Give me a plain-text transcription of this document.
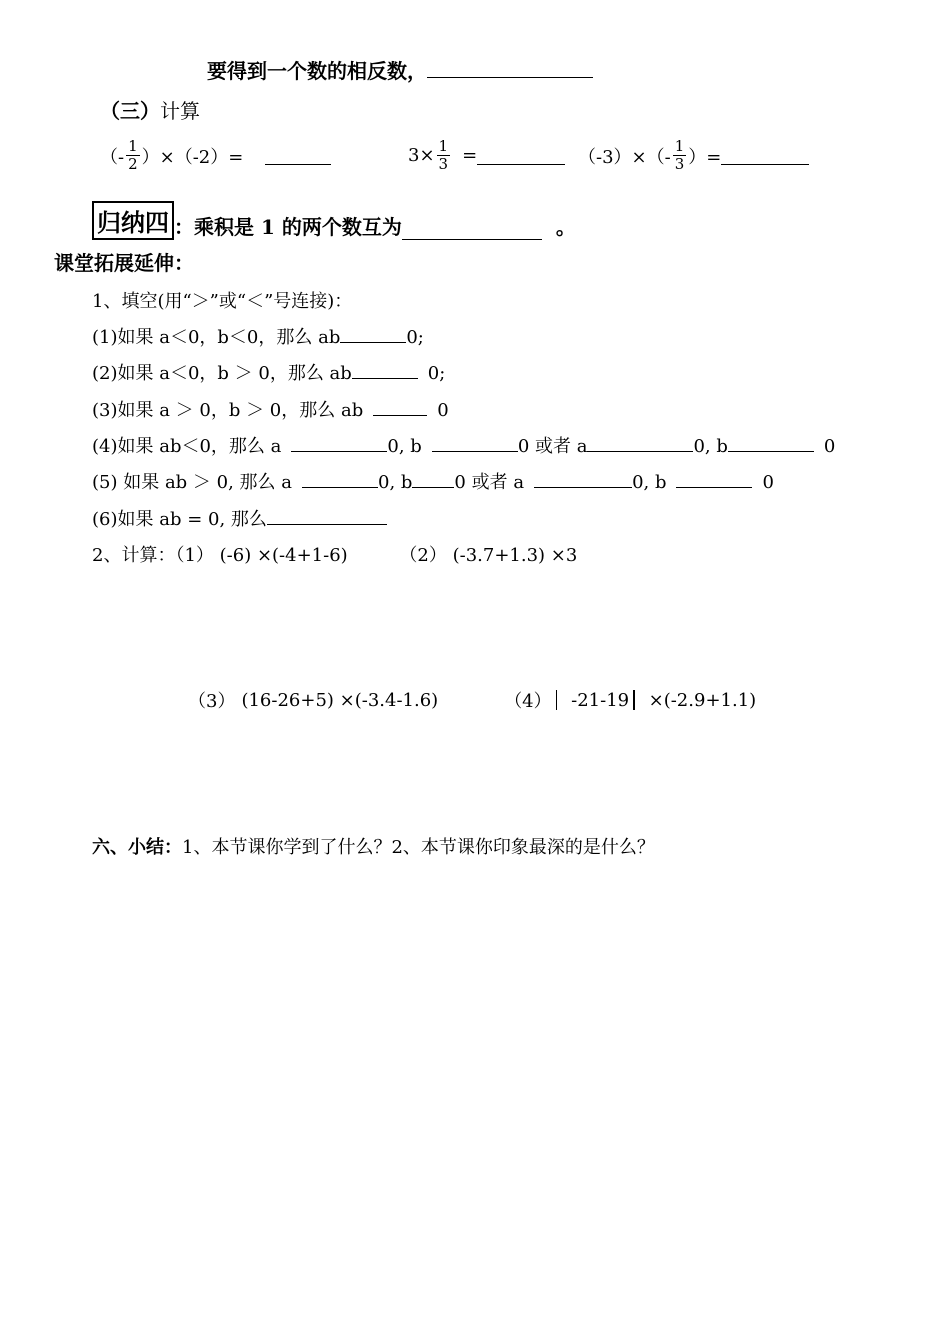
要得到一个数的相反数，
（三）计算
（- $\frac{1}{2} )\times(-2)=$	$3\times \frac{1}{3}$ =	$(-3)\times(- \frac{1}{3}$ ）=
归纳四 ：乘积是 1 的两个数互为	。
课堂拓展延伸：
1、填空(用“＞”或“＜”号连接)：
(1)如果 a＜0，b＜0，那么 ab	0;
(2)如果 a＜0，b ＞ 0，那么 ab	0;
(3)如果 a ＞ 0，b ＞ 0，那么 ab	0
(4)如果 ab＜0，那么 a	0, b	0 或者 a	0, b	0
(5) 如果 ab ＞ 0, 那么 a	0, b 0 或者 a	0, b	0
(6)如果 ab = 0, 那么
2、计算：（1） (-6) ×(-4+1-6)	（2） (-3.7+1.3) ×3
（3） (16-26+5) ×(-3.4-1.6)	（4） -21-19 ×(-2.9+1.1)
六、小结：1、本节课你学到了什么？2、本节课你印象最深的是什么？
